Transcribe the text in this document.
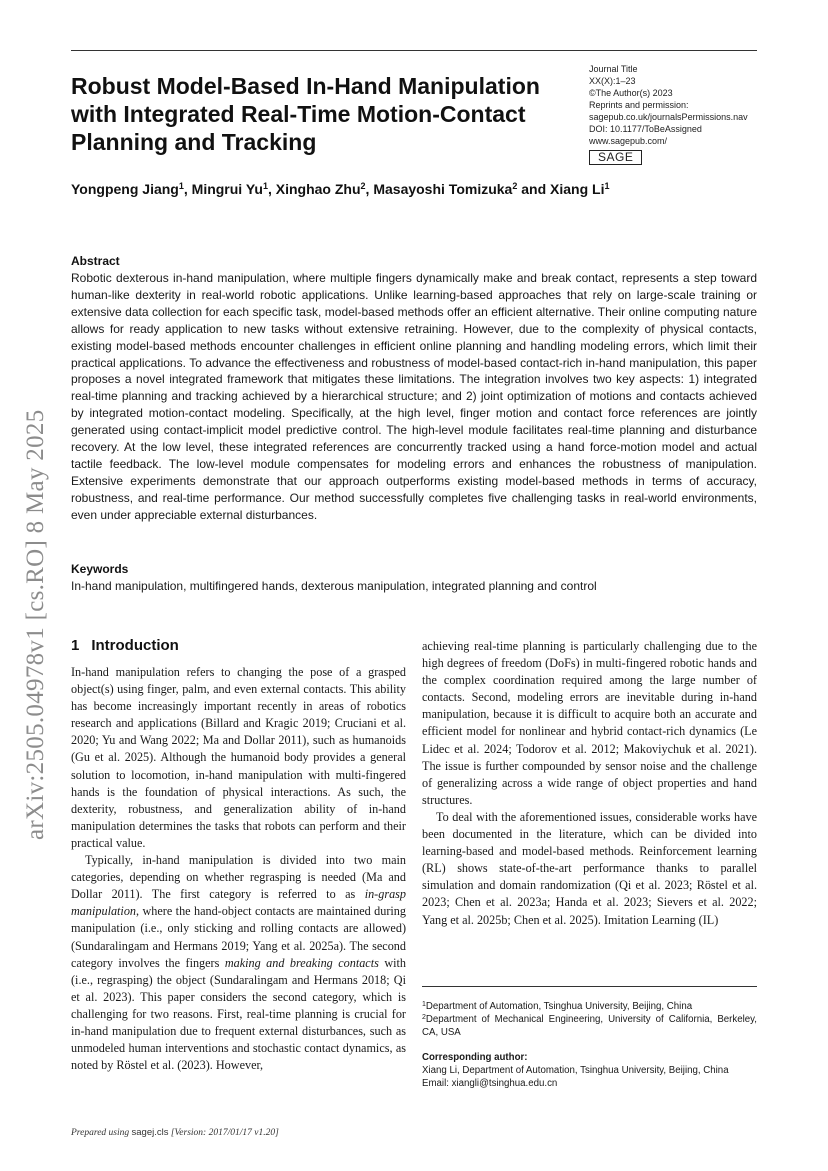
Robust Model-Based In-Hand Manipulation with Integrated Real-Time Motion-Contact Planning and Tracking
Journal Title
XX(X):1–23
©The Author(s) 2023
Reprints and permission:
sagepub.co.uk/journalsPermissions.nav
DOI: 10.1177/ToBeAssigned
www.sagepub.com/
SAGE
Yongpeng Jiang$^1$, Mingrui Yu$^1$, Xinghao Zhu$^2$, Masayoshi Tomizuka$^2$ and Xiang Li$^1$
Abstract
Robotic dexterous in-hand manipulation, where multiple fingers dynamically make and break contact, represents a step toward human-like dexterity in real-world robotic applications. Unlike learning-based approaches that rely on large-scale training or extensive data collection for each specific task, model-based methods offer an efficient alternative. Their online computing nature allows for ready application to new tasks without extensive retraining. However, due to the complexity of physical contacts, existing model-based methods encounter challenges in efficient online planning and handling modeling errors, which limit their practical applications. To advance the effectiveness and robustness of model-based contact-rich in-hand manipulation, this paper proposes a novel integrated framework that mitigates these limitations. The integration involves two key aspects: 1) integrated real-time planning and tracking achieved by a hierarchical structure; and 2) joint optimization of motions and contacts achieved by integrated motion-contact modeling. Specifically, at the high level, finger motion and contact force references are jointly generated using contact-implicit model predictive control. The high-level module facilitates real-time planning and disturbance recovery. At the low level, these integrated references are concurrently tracked using a hand force-motion model and actual tactile feedback. The low-level module compensates for modeling errors and enhances the robustness of manipulation. Extensive experiments demonstrate that our approach outperforms existing model-based methods in terms of accuracy, robustness, and real-time performance. Our method successfully completes five challenging tasks in real-world environments, even under appreciable external disturbances.
Keywords
In-hand manipulation, multifingered hands, dexterous manipulation, integrated planning and control
arXiv:2505.04978v1 [cs.RO] 8 May 2025 1 Introduction

In-hand manipulation refers to changing the pose of a grasped object(s) using finger, palm, and even external contacts. This ability has become increasingly important recently in areas of robotics research and applications (Billard and Kragic 2019; Cruciani et al. 2020; Yu and Wang 2022; Ma and Dollar 2011), such as humanoids (Gu et al. 2025). Although the humanoid body provides a general solution to locomotion, in-hand manipulation with multi-fingered hands is the foundation of physical interactions. As such, the dexterity, robustness, and generalization ability of in-hand manipulation determines the tasks that robots can perform and their practical value.

Typically, in-hand manipulation is divided into two main categories, depending on whether regrasping is needed (Ma and Dollar 2011). The first category is referred to as in-grasp manipulation, where the hand-object contacts are maintained during manipulation (i.e., only sticking and rolling contacts are allowed) (Sundaralingam and Hermans 2019; Yang et al. 2025a). The second category involves the fingers making and breaking contacts with (i.e., regrasping) the object (Sundaralingam and Hermans 2018; Qi et al. 2023). This paper considers the second category, which is challenging for two reasons. First, real-time planning is crucial for in-hand manipulation due to frequent external disturbances, such as unmodeled human interventions and stochastic contact dynamics, as noted by Röstel et al. (2023). However,

achieving real-time planning is particularly challenging due to the high degrees of freedom (DoFs) in multi-fingered robotic hands and the complex coordination required among the large number of contacts. Second, modeling errors are inevitable during in-hand manipulation, because it is difficult to acquire both an accurate and efficient model for nonlinear and hybrid contact-rich dynamics (Le Lidec et al. 2024; Todorov et al. 2012; Makoviychuk et al. 2021). The issue is further compounded by sensor noise and the challenge of generalizing across a wide range of object properties and hand structures.

To deal with the aforementioned issues, considerable works have been documented in the literature, which can be divided into learning-based and model-based methods. Reinforcement learning (RL) shows state-of-the-art performance thanks to parallel simulation and domain randomization (Qi et al. 2023; Röstel et al. 2023; Chen et al. 2023a; Handa et al. 2023; Sievers et al. 2022; Yang et al. 2025b; Chen et al. 2025). Imitation Learning (IL)

$^1$Department of Automation, Tsinghua University, Beijing, China
$^2$Department of Mechanical Engineering, University of California, Berkeley, CA, USA
Corresponding author:
Xiang Li, Department of Automation, Tsinghua University, Beijing, China
Email: xiangli@tsinghua.edu.cn
Prepared using sagej.cls [Version: 2017/01/17 v1.20]
